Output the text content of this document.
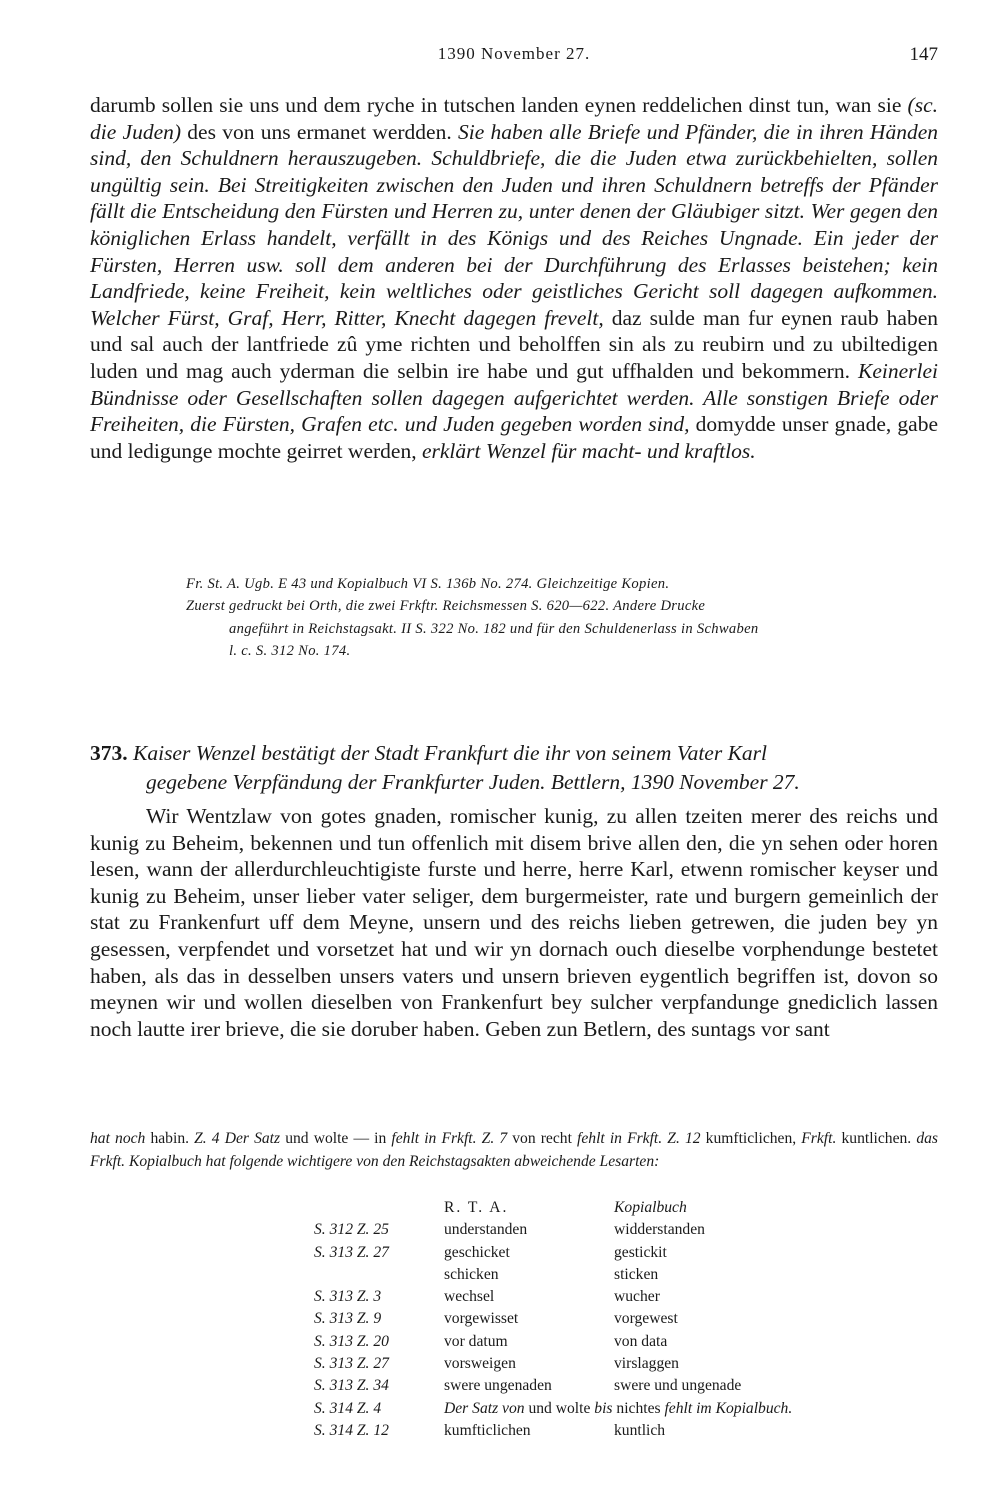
1390 November 27.	147

darumb sollen sie uns und dem ryche in tutschen landen eynen reddelichen dinst tun, wan sie (sc. die Juden) des von uns ermanet werdden. Sie haben alle Briefe und Pfänder, die in ihren Händen sind, den Schuldnern herauszugeben. Schuldbriefe, die die Juden etwa zurückbehielten, sollen ungültig sein. Bei Streitigkeiten zwischen den Juden und ihren Schuldnern betreffs der Pfänder fällt die Entscheidung den Fürsten und Herren zu, unter denen der Gläubiger sitzt. Wer gegen den königlichen Erlass handelt, verfällt in des Königs und des Reiches Ungnade. Ein jeder der Fürsten, Herren usw. soll dem anderen bei der Durchführung des Erlasses beistehen; kein Landfriede, keine Freiheit, kein weltliches oder geistliches Gericht soll dagegen aufkommen. Welcher Fürst, Graf, Herr, Ritter, Knecht dagegen frevelt, daz sulde man fur eynen raub haben und sal auch der lantfriede zû yme richten und beholffen sin als zu reubirn und zu ubiltedigen luden und mag auch yderman die selbin ire habe und gut uffhalden und bekommern. Keinerlei Bündnisse oder Gesellschaften sollen dagegen aufgerichtet werden. Alle sonstigen Briefe oder Freiheiten, die Fürsten, Grafen etc. und Juden gegeben worden sind, domydde unser gnade, gabe und ledigunge mochte geirret werden, erklärt Wenzel für macht- und kraftlos.

Fr. St. A. Ugb. E 43 und Kopialbuch VI S. 136b No. 274. Gleichzeitige Kopien.
Zuerst gedruckt bei Orth, die zwei Frkftr. Reichsmessen S. 620—622. Andere Drucke
angeführt in Reichstagsakt. II S. 322 No. 182 und für den Schuldenerlass in Schwaben
l. c. S. 312 No. 174.

373. Kaiser Wenzel bestätigt der Stadt Frankfurt die ihr von seinem Vater Karl
gegebene Verpfändung der Frankfurter Juden. Bettlern, 1390 November 27.

Wir Wentzlaw von gotes gnaden, romischer kunig, zu allen tzeiten merer des reichs und kunig zu Beheim, bekennen und tun offenlich mit disem brive allen den, die yn sehen oder horen lesen, wann der allerdurchleuchtigiste furste und herre, herre Karl, etwenn romischer keyser und kunig zu Beheim, unser lieber vater seliger, dem burgermeister, rate und burgern gemeinlich der stat zu Frankenfurt uff dem Meyne, unsern und des reichs lieben getrewen, die juden bey yn gesessen, verpfendet und vorsetzet hat und wir yn dornach ouch dieselbe vorphendunge bestetet haben, als das in desselben unsers vaters und unsern brieven eygentlich begriffen ist, dovon so meynen wir und wollen dieselben von Frankenfurt bey sulcher verpfandunge gnediclich lassen noch lautte irer brieve, die sie doruber haben. Geben zun Betlern, des suntags vor sant

hat noch habin. Z. 4 Der Satz und wolte — in fehlt in Frkft. Z. 7 von recht fehlt in Frkft. Z. 12 kumfticlichen, Frkft. kuntlichen. das Frkft. Kopialbuch hat folgende wichtigere von den Reichstagsakten abweichende Lesarten:

	R. T. A.	Kopialbuch
S. 312 Z. 25	understanden	widderstanden
S. 313 Z. 27	geschicket	gestickit
	schicken	sticken
S. 313 Z. 3	wechsel	wucher
S. 313 Z. 9	vorgewisset	vorgewest
S. 313 Z. 20	vor datum	von data
S. 313 Z. 27	vorsweigen	virslaggen
S. 313 Z. 34	swere ungenaden	swere und ungenade
S. 314 Z. 4	Der Satz von und wolte bis nichtes fehlt im Kopialbuch.	
S. 314 Z. 12	kumfticlichen	kuntlich
